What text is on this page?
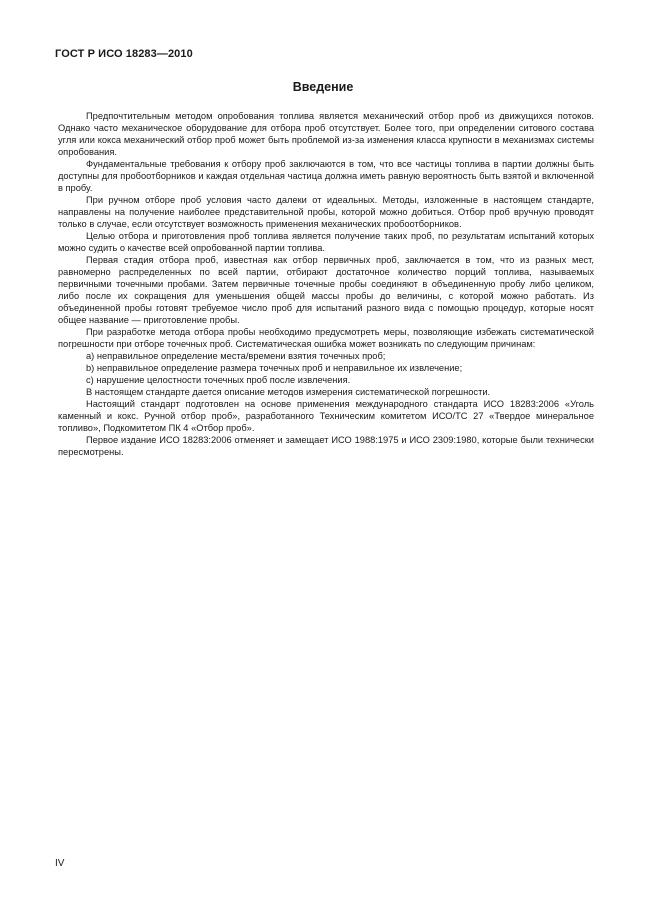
ГОСТ Р ИСО 18283—2010
Введение

Предпочтительным методом опробования топлива является механический отбор проб из движущихся потоков. Однако часто механическое оборудование для отбора проб отсутствует. Более того, при определении ситового состава угля или кокса механический отбор проб может быть проблемой из-за изменения класса крупности в механизмах системы опробования.

Фундаментальные требования к отбору проб заключаются в том, что все частицы топлива в партии должны быть доступны для пробоотборников и каждая отдельная частица должна иметь равную вероятность быть взятой и включенной в пробу.

При ручном отборе проб условия часто далеки от идеальных. Методы, изложенные в настоящем стандарте, направлены на получение наиболее представительной пробы, которой можно добиться. Отбор проб вручную проводят только в случае, если отсутствует возможность применения механических пробоотборников.

Целью отбора и приготовления проб топлива является получение таких проб, по результатам испытаний которых можно судить о качестве всей опробованной партии топлива.

Первая стадия отбора проб, известная как отбор первичных проб, заключается в том, что из разных мест, равномерно распределенных по всей партии, отбирают достаточное количество порций топлива, называемых первичными точечными пробами. Затем первичные точечные пробы соединяют в объединенную пробу либо целиком, либо после их сокращения для уменьшения общей массы пробы до величины, с которой можно работать. Из объединенной пробы готовят требуемое число проб для испытаний разного вида с помощью процедур, которые носят общее название — приготовление пробы.

При разработке метода отбора пробы необходимо предусмотреть меры, позволяющие избежать систематической погрешности при отборе точечных проб. Систематическая ошибка может возникать по следующим причинам:

a) неправильное определение места/времени взятия точечных проб;

b) неправильное определение размера точечных проб и неправильное их извлечение;

c) нарушение целостности точечных проб после извлечения.

В настоящем стандарте дается описание методов измерения систематической погрешности.

Настоящий стандарт подготовлен на основе применения международного стандарта ИСО 18283:2006 «Уголь каменный и кокс. Ручной отбор проб», разработанного Техническим комитетом ИСО/ТС 27 «Твердое минеральное топливо», Подкомитетом ПК 4 «Отбор проб».

Первое издание ИСО 18283:2006 отменяет и замещает ИСО 1988:1975 и ИСО 2309:1980, которые были технически пересмотрены.

IV
